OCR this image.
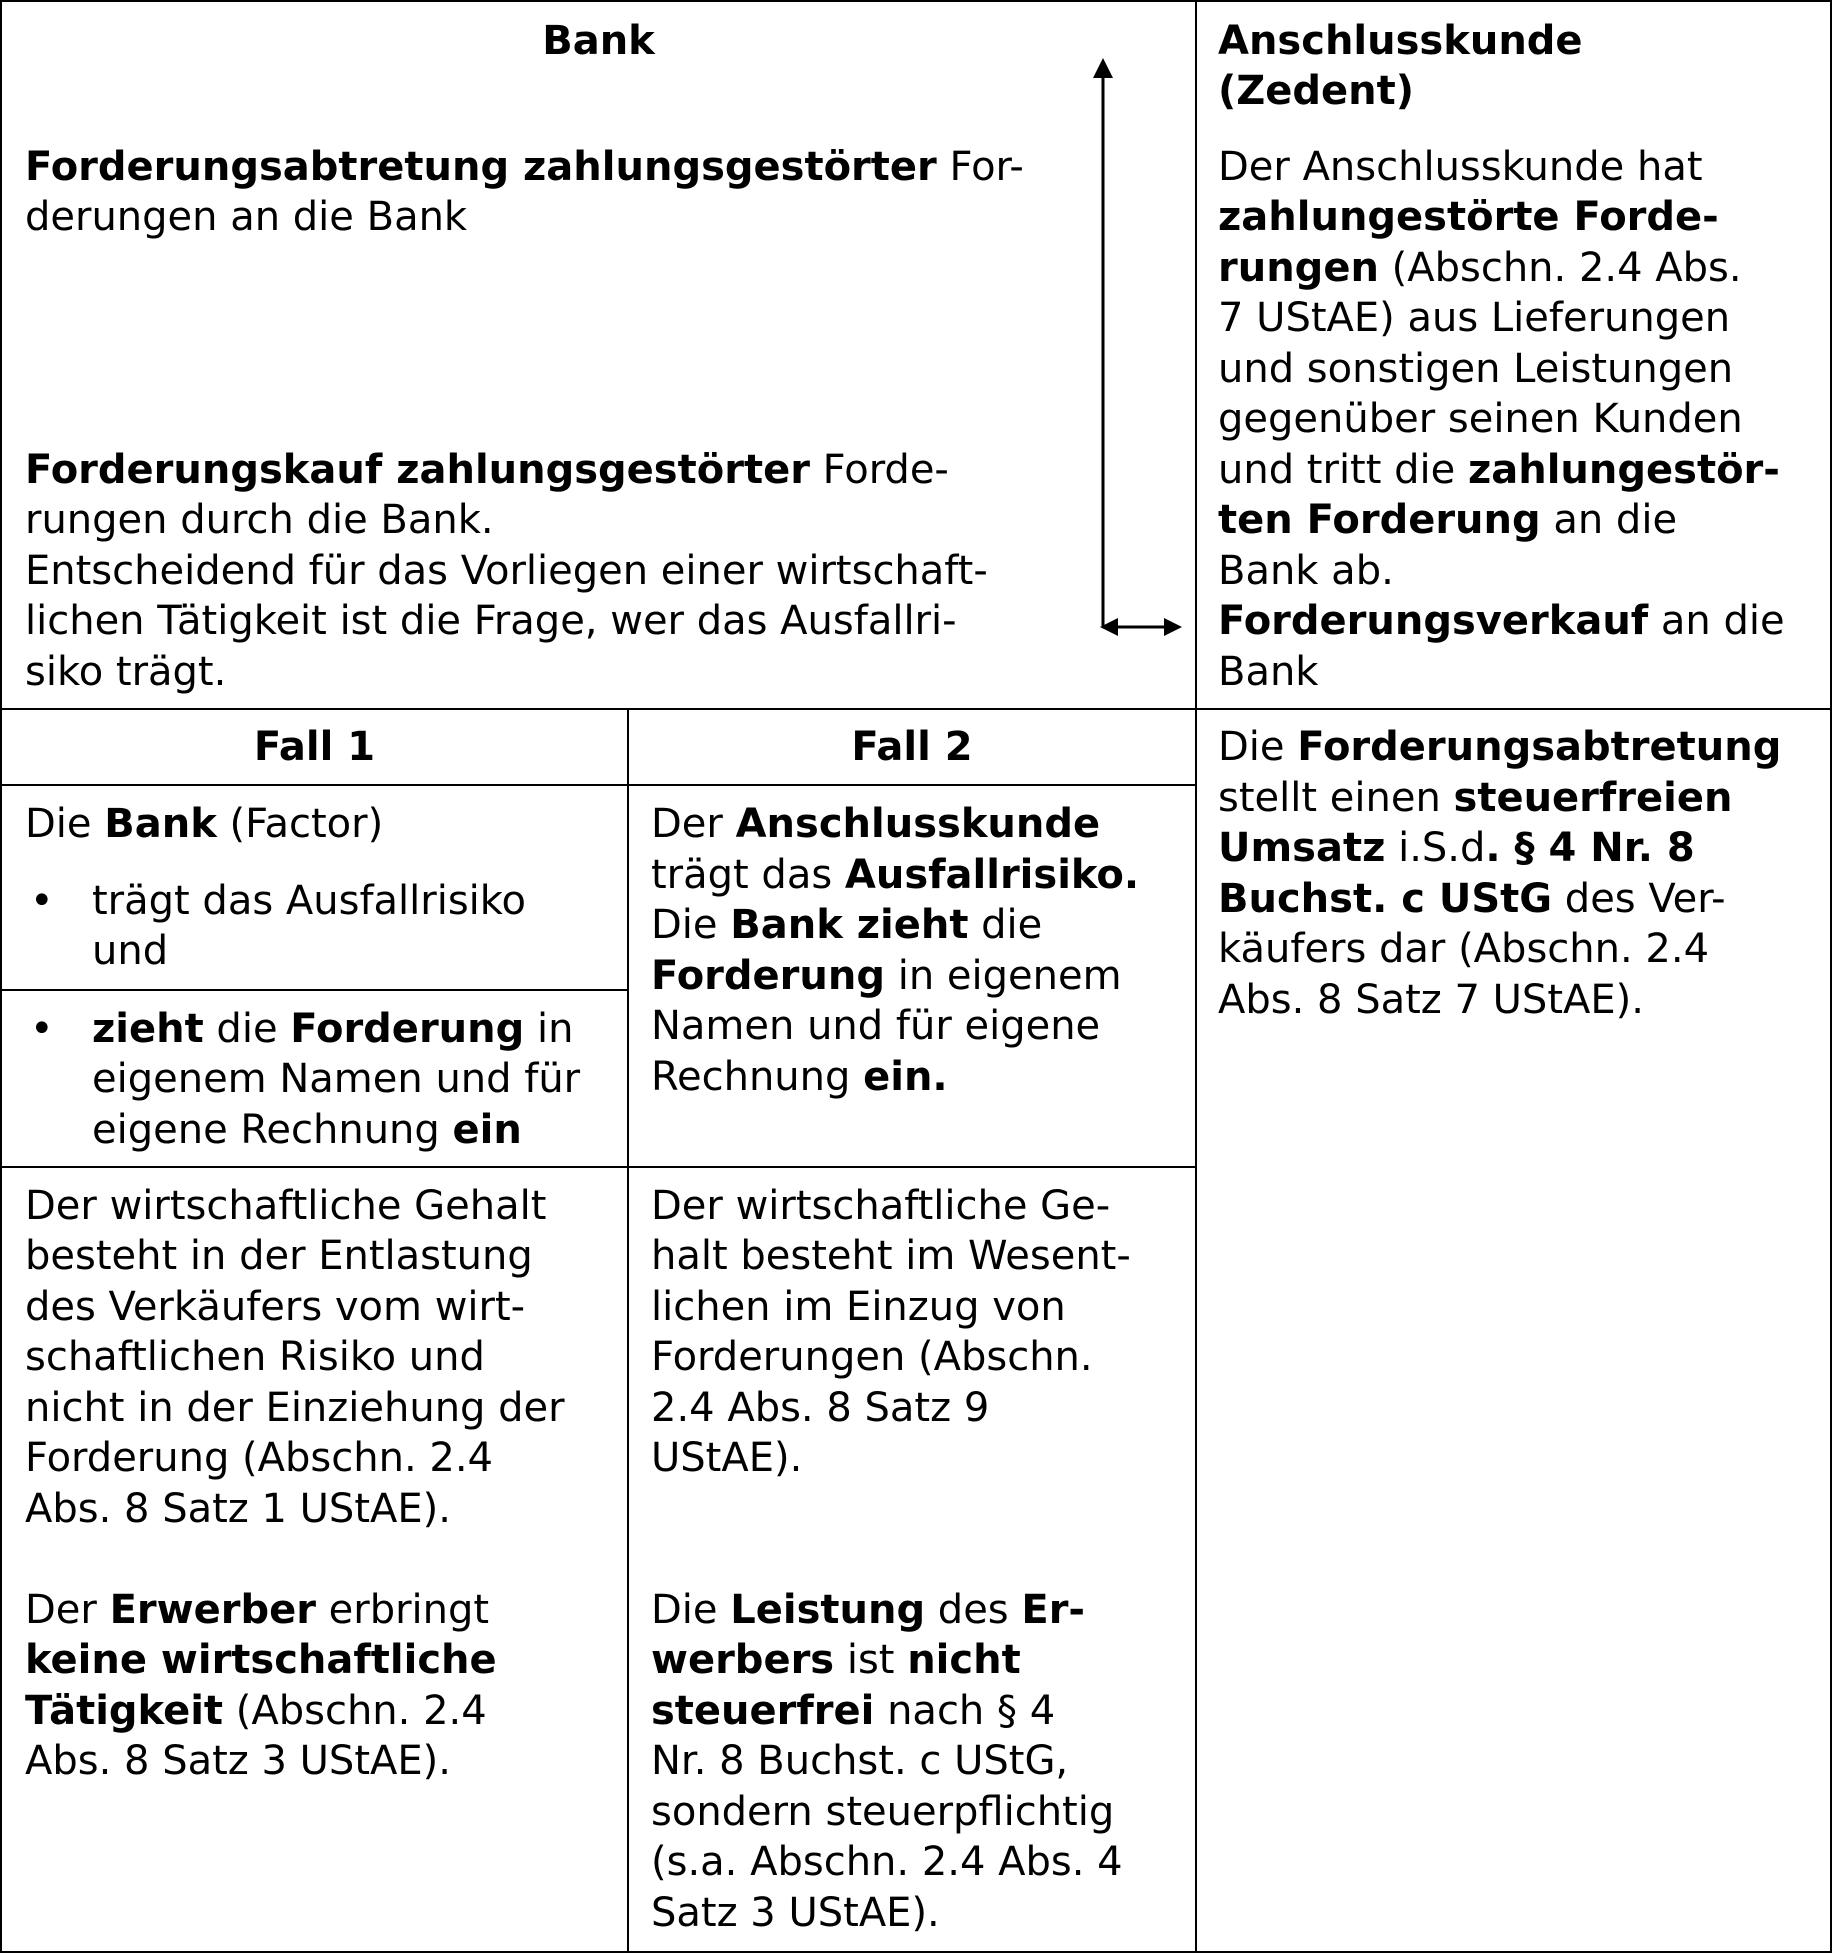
Bank
Forderungsabtretung zahlungsgestörter For-
derungen an die Bank
Forderungskauf zahlungsgestörter Forde-
rungen durch die Bank.
Entscheidend für das Vorliegen einer wirtschaft-
lichen Tätigkeit ist die Frage, wer das Ausfallri-
siko trägt.
Anschlusskunde
(Zedent)
Der Anschlusskunde hat
zahlungestörte Forde-
rungen (Abschn. 2.4 Abs.
7 UStAE) aus Lieferungen
und sonstigen Leistungen
gegenüber seinen Kunden
und tritt die zahlungestör-
ten Forderung an die
Bank ab.
Forderungsverkauf an die
Bank
Fall 1	Fall 2
Die Bank (Factor)
• trägt das Ausfallrisiko
und
• zieht die Forderung in
eigenem Namen und für
eigene Rechnung ein
Der wirtschaftliche Gehalt
besteht in der Entlastung
des Verkäufers vom wirt-
schaftlichen Risiko und
nicht in der Einziehung der
Forderung (Abschn. 2.4
Abs. 8 Satz 1 UStAE).
Der Erwerber erbringt
keine wirtschaftliche
Tätigkeit (Abschn. 2.4
Abs. 8 Satz 3 UStAE).
Der Anschlusskunde
trägt das Ausfallrisiko.
Die Bank zieht die
Forderung in eigenem
Namen und für eigene
Rechnung ein.
Der wirtschaftliche Ge-
halt besteht im Wesent-
lichen im Einzug von
Forderungen (Abschn.
2.4 Abs. 8 Satz 9
UStAE).
Die Leistung des Er-
werbers ist nicht
steuerfrei nach § 4
Nr. 8 Buchst. c UStG,
sondern steuerpflichtig
(s.a. Abschn. 2.4 Abs. 4
Satz 3 UStAE).
Die Forderungsabtretung
stellt einen steuerfreien
Umsatz i.S.d. § 4 Nr. 8
Buchst. c UStG des Ver-
käufers dar (Abschn. 2.4
Abs. 8 Satz 7 UStAE).
